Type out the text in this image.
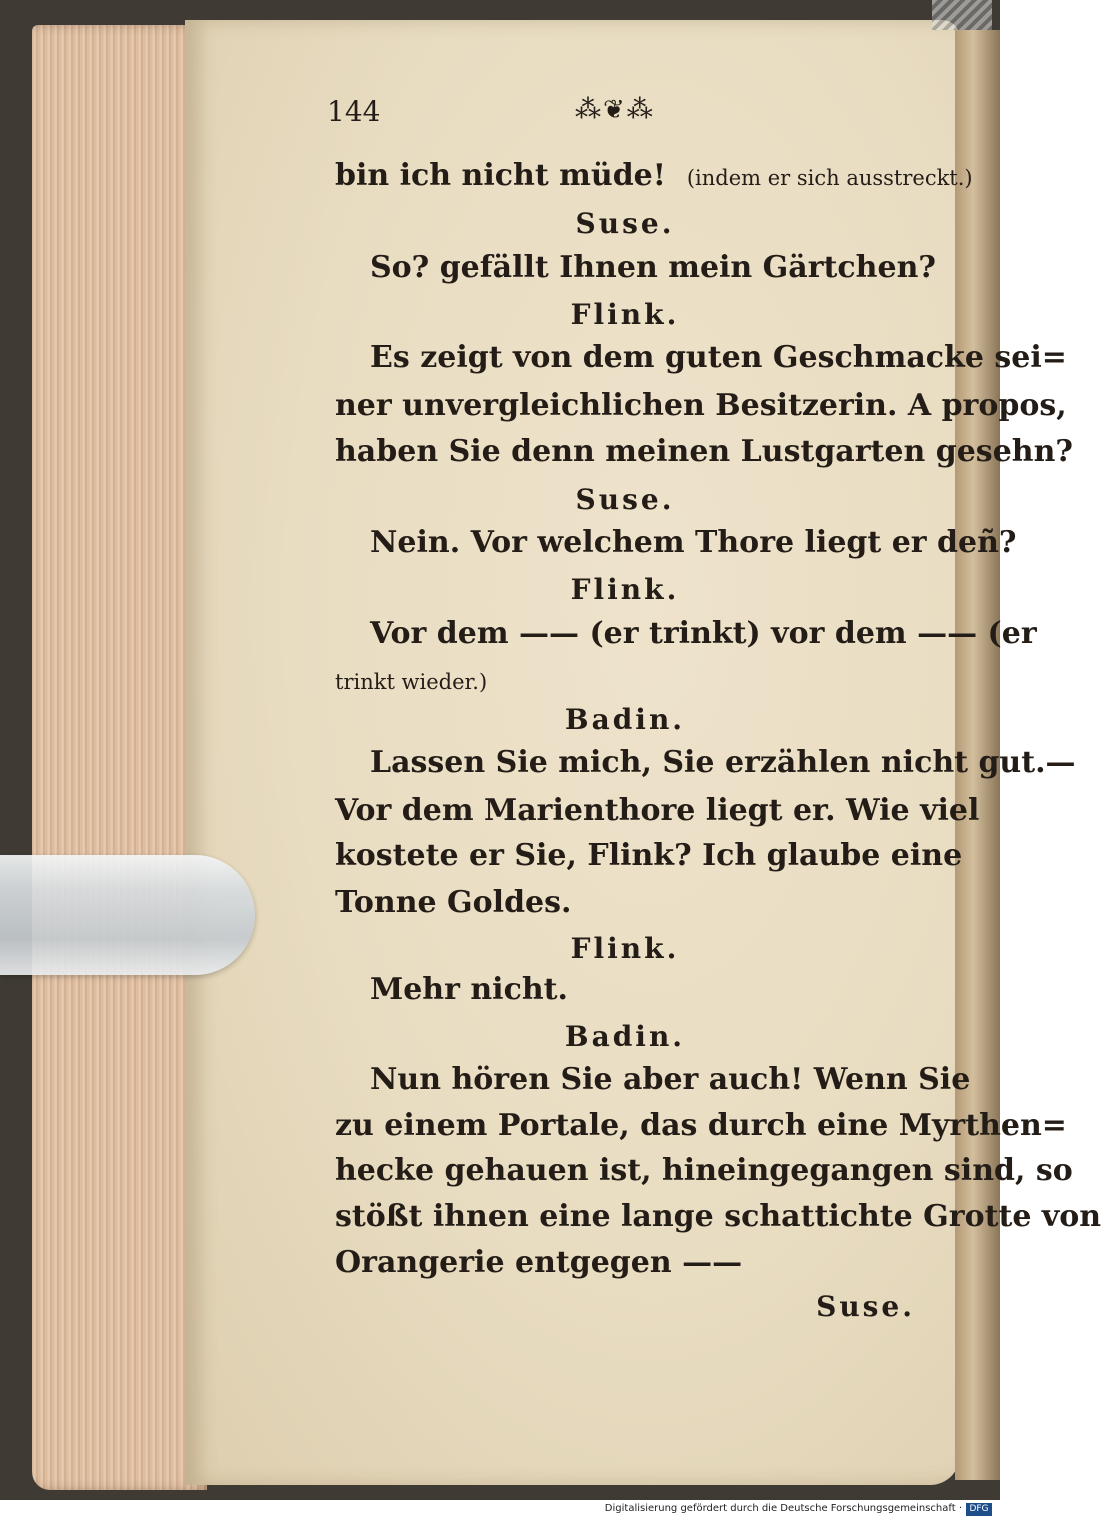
144	⁂❦⁂
bin ich nicht müde! (indem er sich ausstreckt.)
Suse.
So? gefällt Ihnen mein Gärtchen?
Flink.
Es zeigt von dem guten Geschmacke sei=
ner unvergleichlichen Besitzerin. A propos,
haben Sie denn meinen Lustgarten gesehn?
Suse.
Nein. Vor welchem Thore liegt er deñ?
Flink.
Vor dem —— (er trinkt) vor dem —— (er
trinkt wieder.)
Badin.
Lassen Sie mich, Sie erzählen nicht gut.—
Vor dem Marienthore liegt er. Wie viel
kostete er Sie, Flink? Ich glaube eine
Tonne Goldes.
Flink.
Mehr nicht.
Badin.
Nun hören Sie aber auch! Wenn Sie
zu einem Portale, das durch eine Myrthen=
hecke gehauen ist, hineingegangen sind, so
stößt ihnen eine lange schattichte Grotte von
Orangerie entgegen ——
Suse.
Digitalisierung gefördert durch die Deutsche Forschungsgemeinschaft · DFG
